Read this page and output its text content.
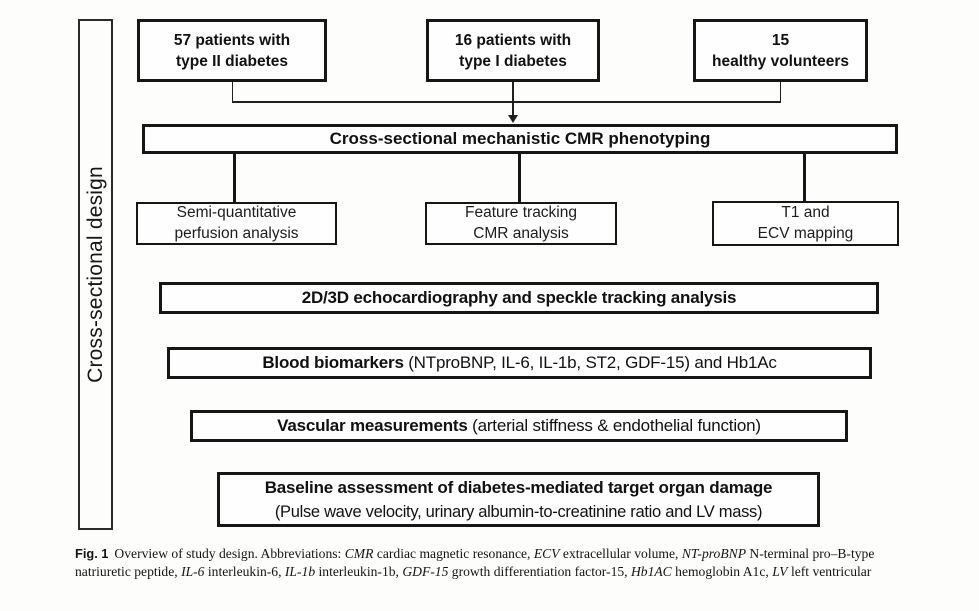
Cross-sectional design
57 patients with
type II diabetes
16 patients with
type I diabetes
15
healthy volunteers
Cross-sectional mechanistic CMR phenotyping
Semi-quantitative
perfusion analysis
Feature tracking
CMR analysis
T1 and
ECV mapping
2D/3D echocardiography and speckle tracking analysis
Blood biomarkers (NTproBNP, IL-6, IL-1b, ST2, GDF-15) and Hb1Ac
Vascular measurements (arterial stiffness & endothelial function)
Baseline assessment of diabetes-mediated target organ damage
(Pulse wave velocity, urinary albumin-to-creatinine ratio and LV mass)
Fig. 1 Overview of study design. Abbreviations: CMR cardiac magnetic resonance, ECV extracellular volume, NT-proBNP N-terminal pro–B-type
natriuretic peptide, IL-6 interleukin-6, IL-1b interleukin-1b, GDF-15 growth differentiation factor-15, Hb1AC hemoglobin A1c, LV left ventricular
